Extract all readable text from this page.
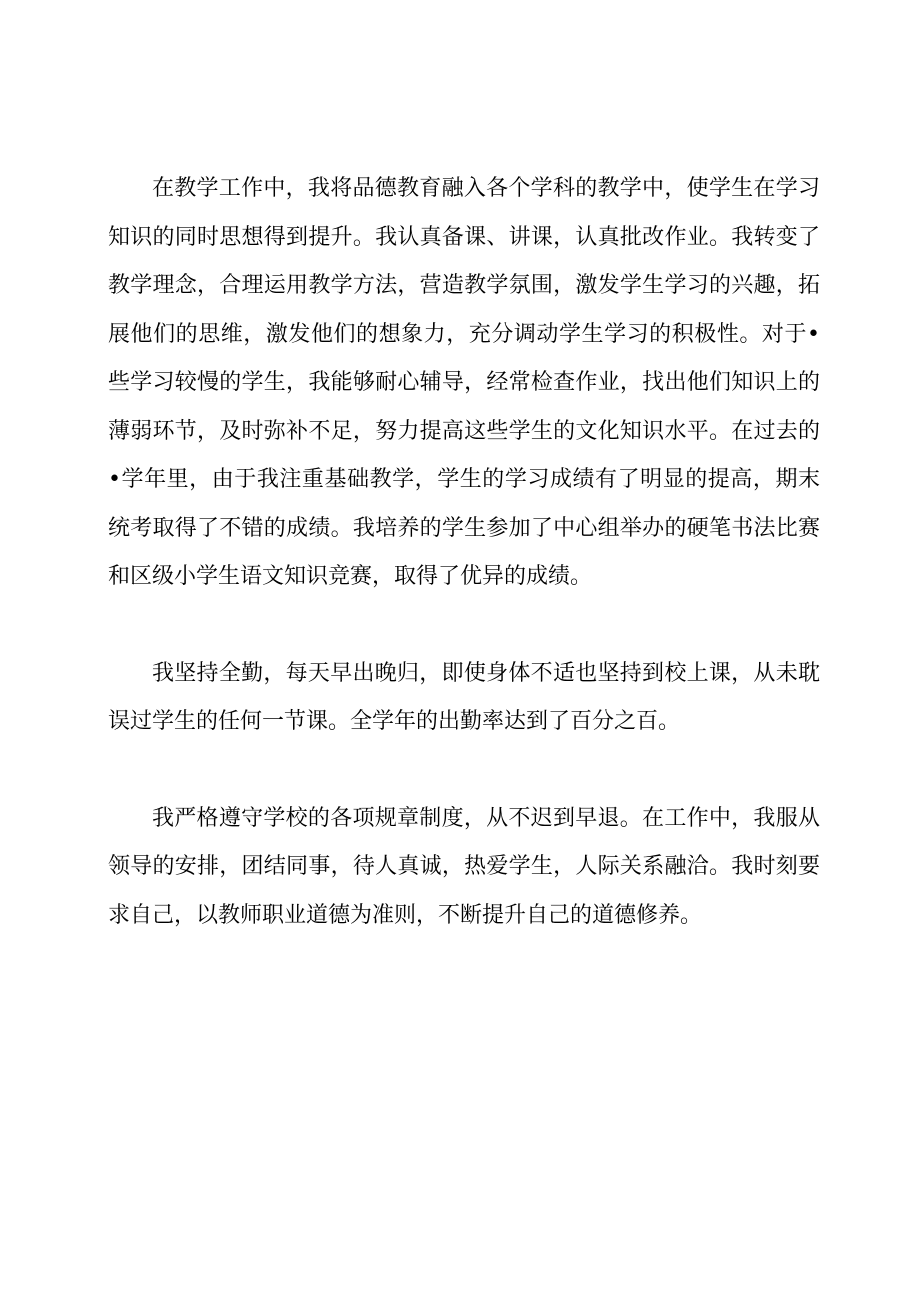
在教学工作中，我将品德教育融入各个学科的教学中，使学生在学习知识的同时思想得到提升。我认真备课、讲课，认真批改作业。我转变了教学理念，合理运用教学方法，营造教学氛围，激发学生学习的兴趣，拓展他们的思维，激发他们的想象力，充分调动学生学习的积极性。对于•些学习较慢的学生，我能够耐心辅导，经常检查作业，找出他们知识上的薄弱环节，及时弥补不足，努力提高这些学生的文化知识水平。在过去的•学年里，由于我注重基础教学，学生的学习成绩有了明显的提高，期末统考取得了不错的成绩。我培养的学生参加了中心组举办的硬笔书法比赛和区级小学生语文知识竞赛，取得了优异的成绩。

我坚持全勤，每天早出晚归，即使身体不适也坚持到校上课，从未耽误过学生的任何一节课。全学年的出勤率达到了百分之百。

我严格遵守学校的各项规章制度，从不迟到早退。在工作中，我服从领导的安排，团结同事，待人真诚，热爱学生，人际关系融洽。我时刻要求自己，以教师职业道德为准则，不断提升自己的道德修养。
